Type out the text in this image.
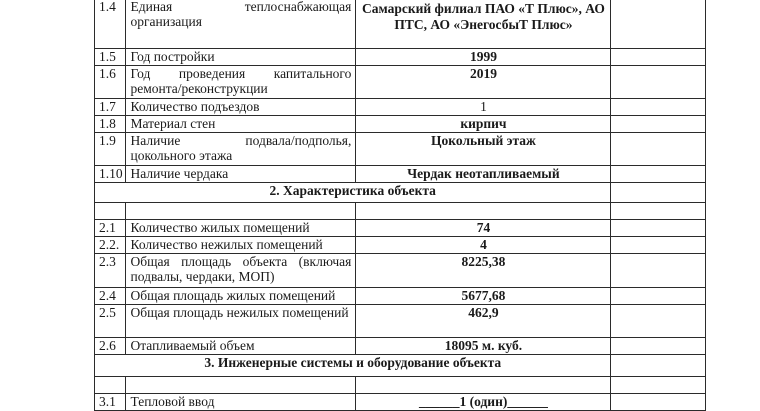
1.4	Единая теплоснабжающая организация	Самарский филиал ПАО «Т Плюс», АО ПТС, АО «ЭнегосбыТ Плюс»	
1.5	Год постройки	1999	
1.6	Год проведения капитального ремонта/реконструкции	2019	
1.7	Количество подъездов	1	
1.8	Материал стен	кирпич	
1.9	Наличие подвала/подполья, цокольного этажа	Цокольный этаж	
1.10	Наличие чердака	Чердак неотапливаемый	
2. Характеристика объекта			

2.1	Количество жилых помещений	74	
2.2.	Количество нежилых помещений	4	
2.3	Общая площадь объекта (включая подвалы, чердаки, МОП)	8225,38	
2.4	Общая площадь жилых помещений	5677,68	
2.5	Общая площадь нежилых помещений	462,9	
2.6	Отапливаемый объем	18095 м. куб.	
3. Инженерные системы и оборудование объекта			

3.1	Тепловой ввод	______1 (один)______	
